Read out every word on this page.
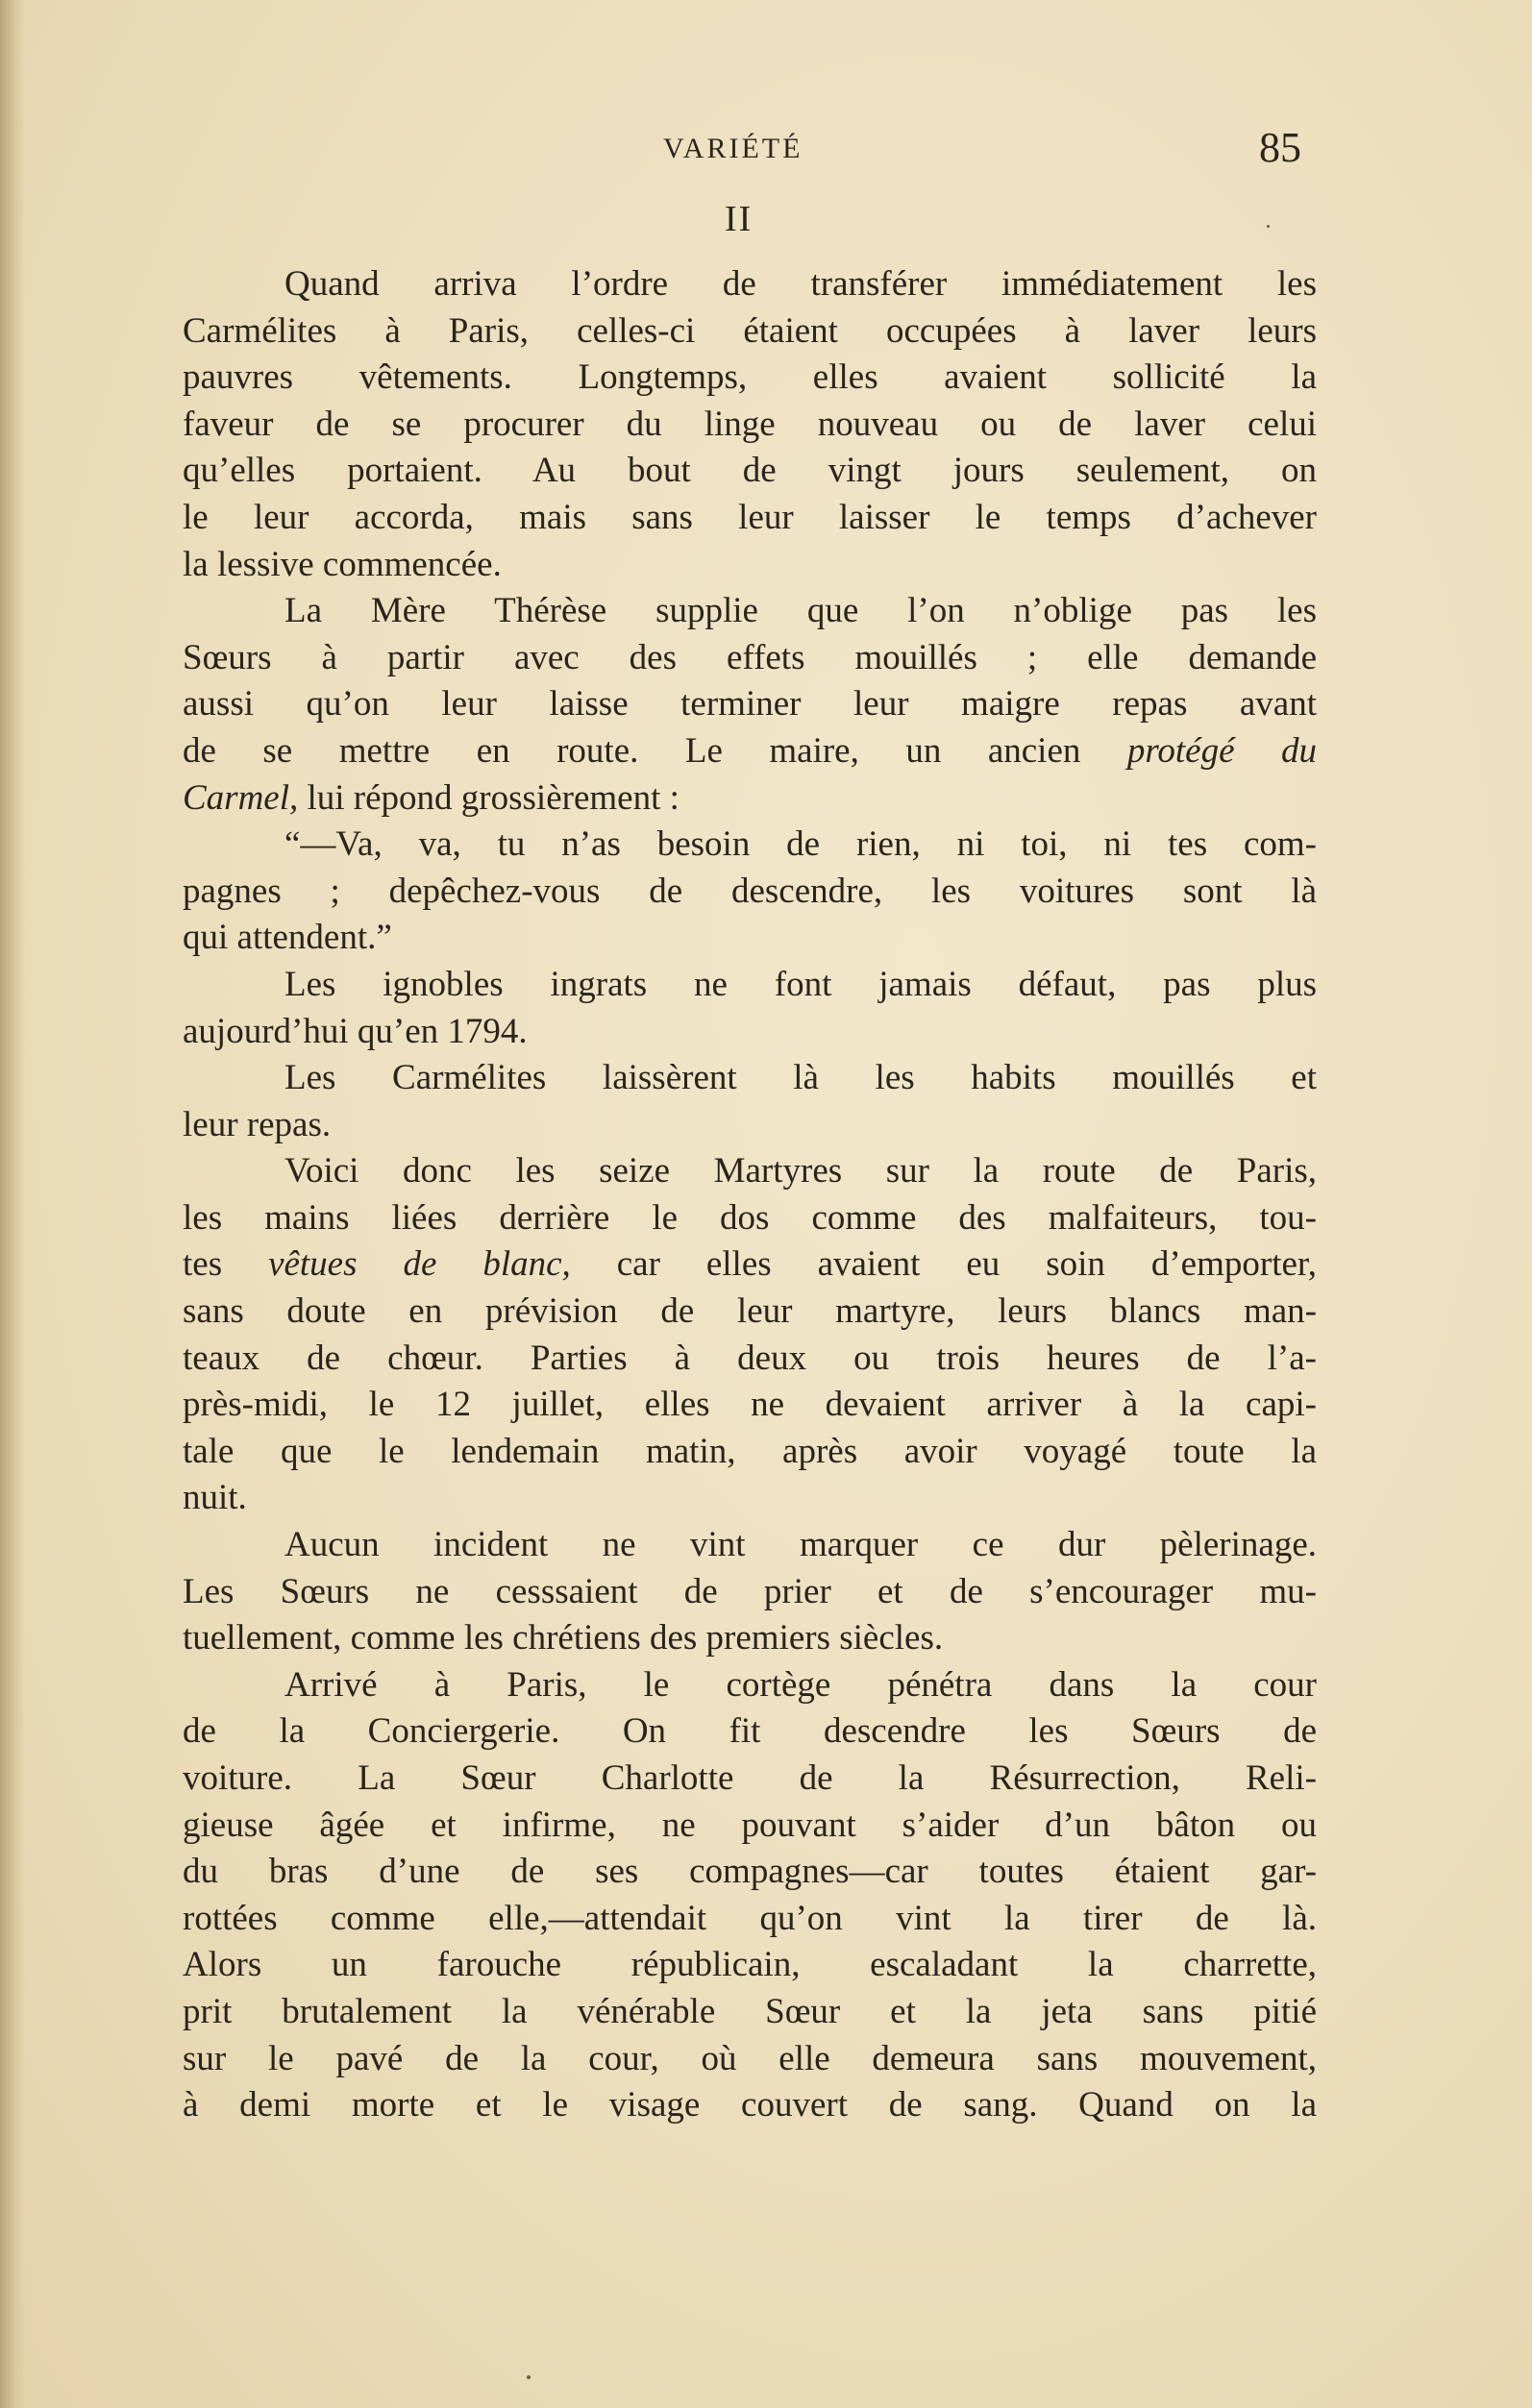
VARIÉTÉ	85
II
Quand arriva l’ordre de transférer immédiatement les
Carmélites à Paris, celles-ci étaient occupées à laver leurs
pauvres vêtements. Longtemps, elles avaient sollicité la
faveur de se procurer du linge nouveau ou de laver celui
qu’elles portaient. Au bout de vingt jours seulement, on
le leur accorda, mais sans leur laisser le temps d’achever
la lessive commencée.
La Mère Thérèse supplie que l’on n’oblige pas les
Sœurs à partir avec des effets mouillés ; elle demande
aussi qu’on leur laisse terminer leur maigre repas avant
de se mettre en route. Le maire, un ancien protégé du
Carmel, lui répond grossièrement :
“—Va, va, tu n’as besoin de rien, ni toi, ni tes com-
pagnes ; depêchez-vous de descendre, les voitures sont là
qui attendent.”
Les ignobles ingrats ne font jamais défaut, pas plus
aujourd’hui qu’en 1794.
Les Carmélites laissèrent là les habits mouillés et
leur repas.
Voici donc les seize Martyres sur la route de Paris,
les mains liées derrière le dos comme des malfaiteurs, tou-
tes vêtues de blanc, car elles avaient eu soin d’emporter,
sans doute en prévision de leur martyre, leurs blancs man-
teaux de chœur. Parties à deux ou trois heures de l’a-
près-midi, le 12 juillet, elles ne devaient arriver à la capi-
tale que le lendemain matin, après avoir voyagé toute la
nuit.
Aucun incident ne vint marquer ce dur pèlerinage.
Les Sœurs ne cesssaient de prier et de s’encourager mu-
tuellement, comme les chrétiens des premiers siècles.
Arrivé à Paris, le cortège pénétra dans la cour
de la Conciergerie. On fit descendre les Sœurs de
voiture. La Sœur Charlotte de la Résurrection, Reli-
gieuse âgée et infirme, ne pouvant s’aider d’un bâton ou
du bras d’une de ses compagnes—car toutes étaient gar-
rottées comme elle,—attendait qu’on vint la tirer de là.
Alors un farouche républicain, escaladant la charrette,
prit brutalement la vénérable Sœur et la jeta sans pitié
sur le pavé de la cour, où elle demeura sans mouvement,
à demi morte et le visage couvert de sang. Quand on la
